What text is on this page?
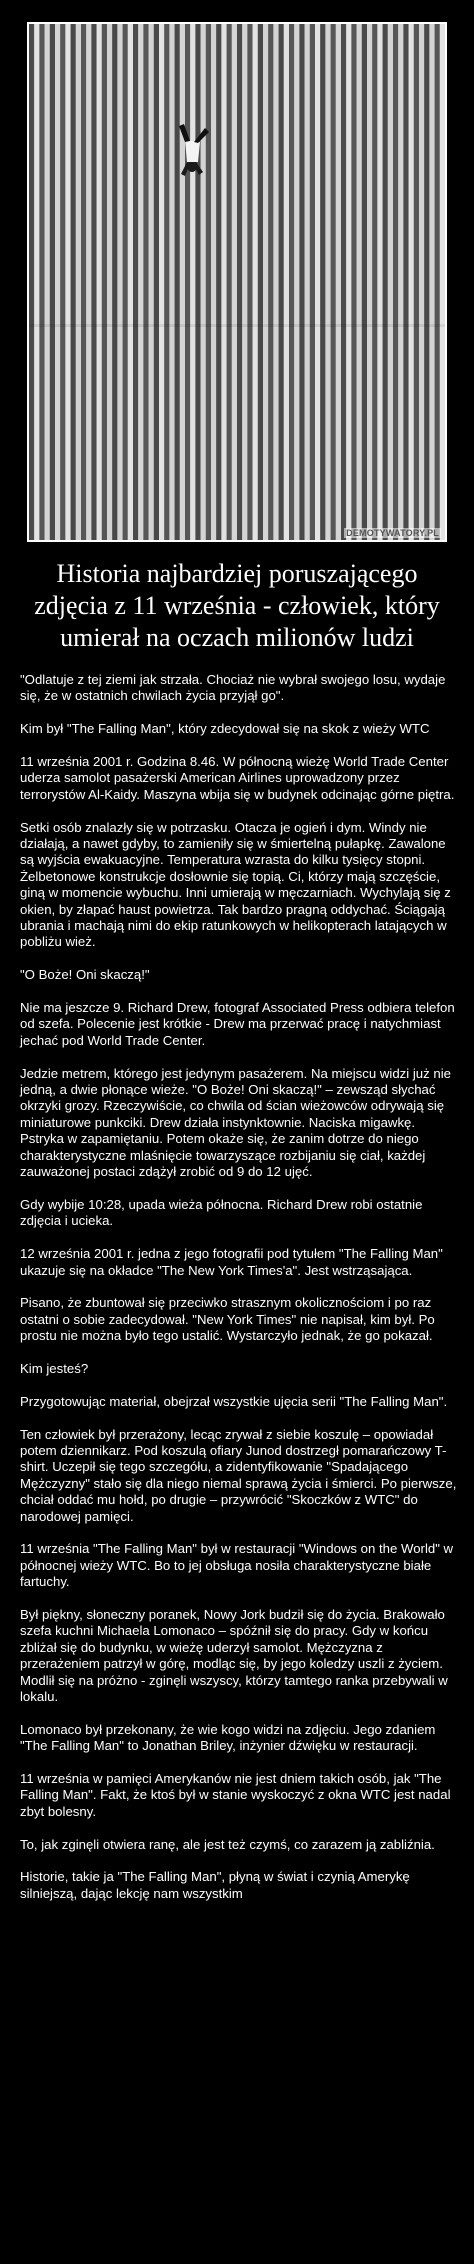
DEMOTYWATORY.PL
Historia najbardziej poruszającego zdjęcia z 11 września - człowiek, który umierał na oczach milionów ludzi

"Odlatuje z tej ziemi jak strzała. Chociaż nie wybrał swojego losu, wydaje się, że w ostatnich chwilach życia przyjął go".

Kim był "The Falling Man", który zdecydował się na skok z wieży WTC

11 września 2001 r. Godzina 8.46. W północną wieżę World Trade Center uderza samolot pasażerski American Airlines uprowadzony przez terrorystów Al-Kaidy. Maszyna wbija się w budynek odcinając górne piętra.

Setki osób znalazły się w potrzasku. Otacza je ogień i dym. Windy nie działają, a nawet gdyby, to zamieniły się w śmiertelną pułapkę. Zawalone są wyjścia ewakuacyjne. Temperatura wzrasta do kilku tysięcy stopni. Żelbetonowe konstrukcje dosłownie się topią. Ci, którzy mają szczęście, giną w momencie wybuchu. Inni umierają w męczarniach. Wychylają się z okien, by złapać haust powietrza. Tak bardzo pragną oddychać. Ściągają ubrania i machają nimi do ekip ratunkowych w helikopterach latających w pobliżu wież.

"O Boże! Oni skaczą!"

Nie ma jeszcze 9. Richard Drew, fotograf Associated Press odbiera telefon od szefa. Polecenie jest krótkie - Drew ma przerwać pracę i natychmiast jechać pod World Trade Center.

Jedzie metrem, którego jest jedynym pasażerem. Na miejscu widzi już nie jedną, a dwie płonące wieże. "O Boże! Oni skaczą!" – zewsząd słychać okrzyki grozy. Rzeczywiście, co chwila od ścian wieżowców odrywają się miniaturowe punkciki. Drew działa instynktownie. Naciska migawkę. Pstryka w zapamiętaniu. Potem okaże się, że zanim dotrze do niego charakterystyczne mlaśnięcie towarzyszące rozbijaniu się ciał, każdej zauważonej postaci zdążył zrobić od 9 do 12 ujęć.

Gdy wybije 10:28, upada wieża północna. Richard Drew robi ostatnie zdjęcia i ucieka.

12 września 2001 r. jedna z jego fotografii pod tytułem "The Falling Man" ukazuje się na okładce "The New York Times'a". Jest wstrząsająca.

Pisano, że zbuntował się przeciwko strasznym okolicznościom i po raz ostatni o sobie zadecydował. "New York Times" nie napisał, kim był. Po prostu nie można było tego ustalić. Wystarczyło jednak, że go pokazał.

Kim jesteś?

Przygotowując materiał, obejrzał wszystkie ujęcia serii "The Falling Man".

Ten człowiek był przerażony, lecąc zrywał z siebie koszulę – opowiadał potem dziennikarz. Pod koszulą ofiary Junod dostrzegł pomarańczowy T-shirt. Uczepił się tego szczegółu, a zidentyfikowanie "Spadającego Mężczyzny" stało się dla niego niemal sprawą życia i śmierci. Po pierwsze, chciał oddać mu hołd, po drugie – przywrócić "Skoczków z WTC" do narodowej pamięci.

11 września "The Falling Man" był w restauracji "Windows on the World" w północnej wieży WTC. Bo to jej obsługa nosiła charakterystyczne białe fartuchy.

Był piękny, słoneczny poranek, Nowy Jork budził się do życia. Brakowało szefa kuchni Michaela Lomonaco – spóźnił się do pracy. Gdy w końcu zbliżał się do budynku, w wieżę uderzył samolot. Mężczyzna z przerażeniem patrzył w górę, modląc się, by jego koledzy uszli z życiem. Modlił się na próżno - zginęli wszyscy, którzy tamtego ranka przebywali w lokalu.

Lomonaco był przekonany, że wie kogo widzi na zdjęciu. Jego zdaniem "The Falling Man" to Jonathan Briley, inżynier dźwięku w restauracji.

11 września w pamięci Amerykanów nie jest dniem takich osób, jak "The Falling Man". Fakt, że ktoś był w stanie wyskoczyć z okna WTC jest nadal zbyt bolesny.

To, jak zginęli otwiera ranę, ale jest też czymś, co zarazem ją zabliźnia.

Historie, takie ja "The Falling Man", płyną w świat i czynią Amerykę silniejszą, dając lekcję nam wszystkim
